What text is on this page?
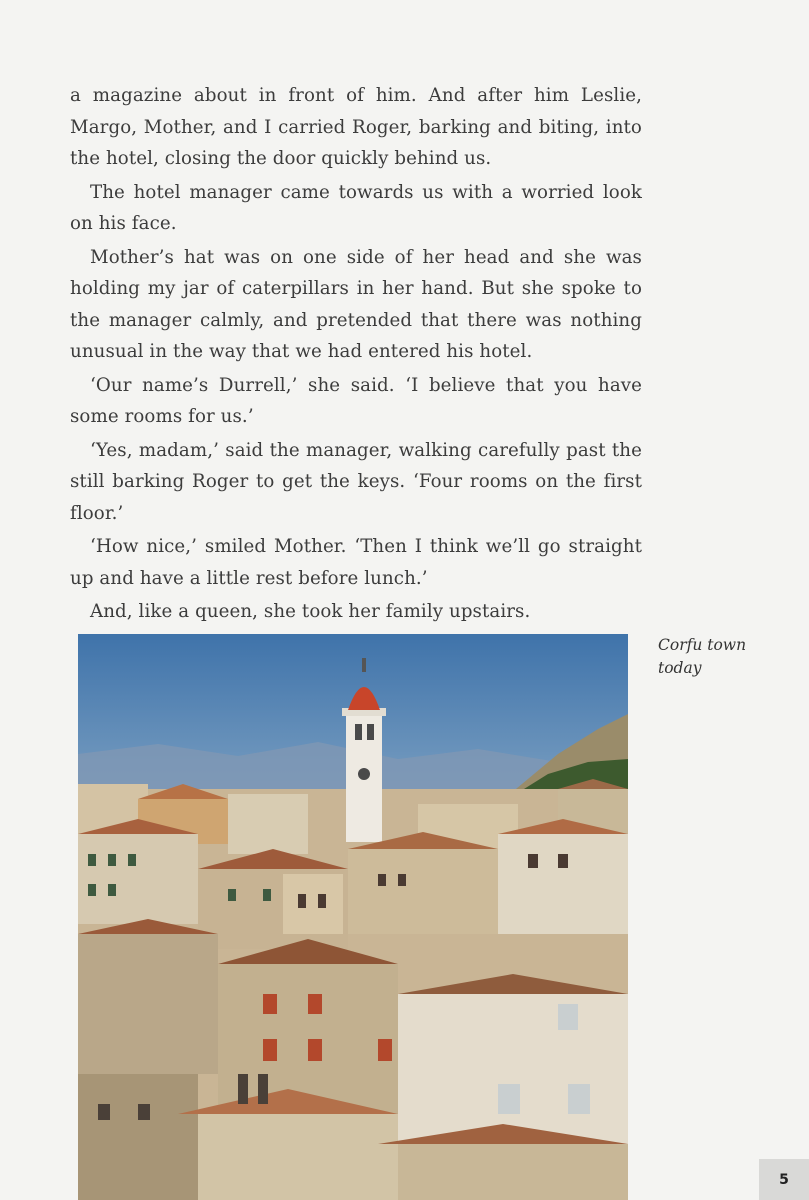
a magazine about in front of him. And after him Leslie, Margo, Mother, and I carried Roger, barking and biting, into the hotel, closing the door quickly behind us.

The hotel manager came towards us with a worried look on his face.

Mother’s hat was on one side of her head and she was holding my jar of caterpillars in her hand. But she spoke to the manager calmly, and pretended that there was nothing unusual in the way that we had entered his hotel.

‘Our name’s Durrell,’ she said. ‘I believe that you have some rooms for us.’

‘Yes, madam,’ said the manager, walking carefully past the still barking Roger to get the keys. ‘Four rooms on the first floor.’

‘How nice,’ smiled Mother. ‘Then I think we’ll go straight up and have a little rest before lunch.’

And, like a queen, she took her family upstairs.

Corfu town
today
5
